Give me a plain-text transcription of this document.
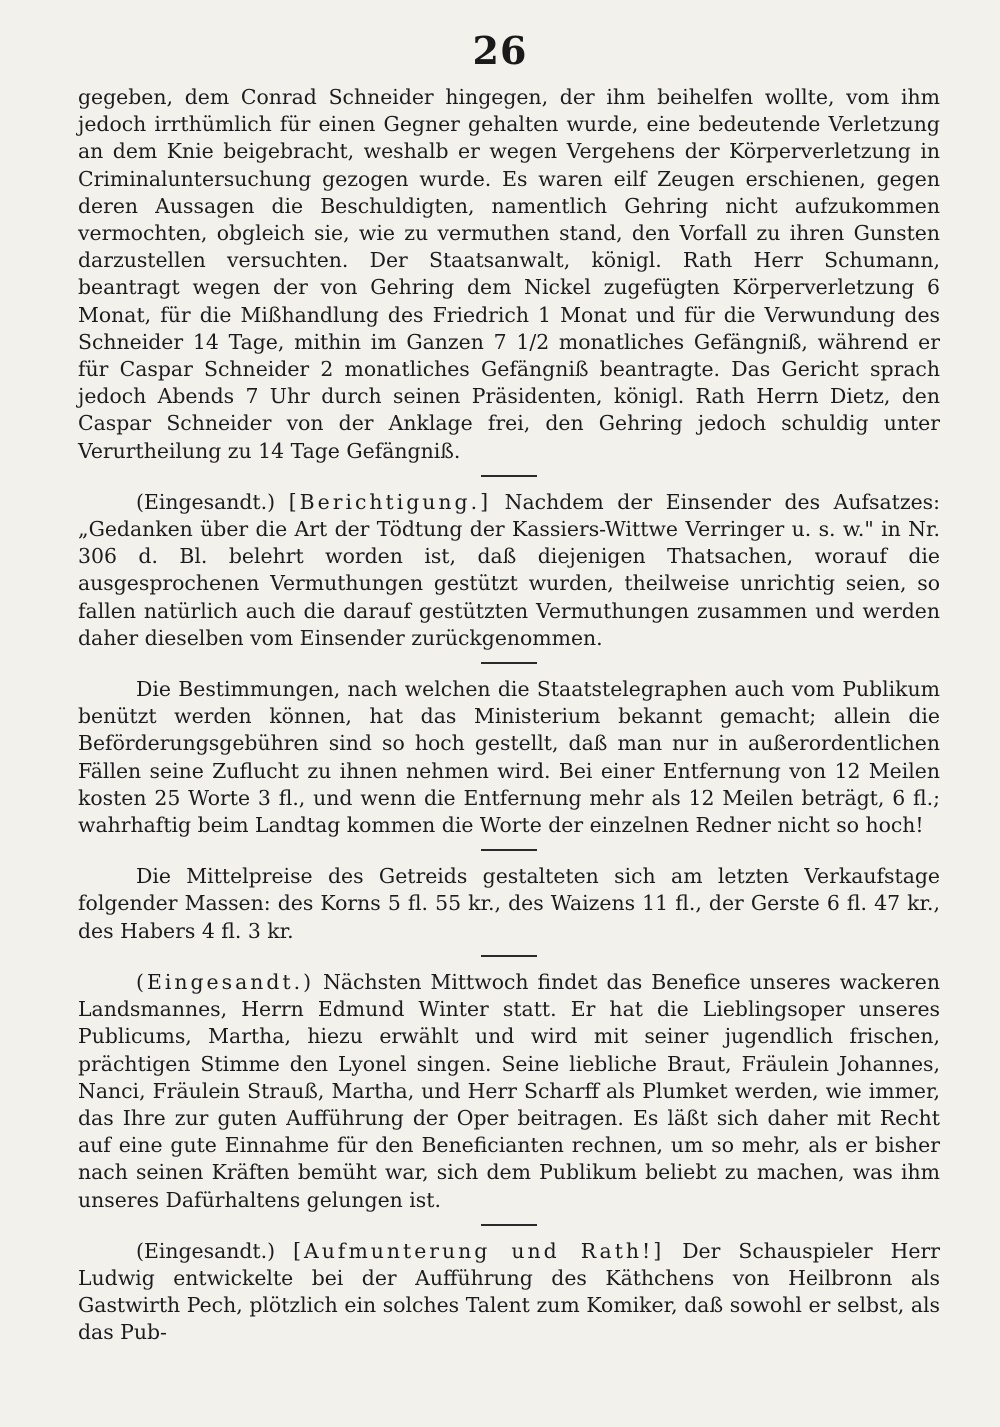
26

gegeben, dem Conrad Schneider hingegen, der ihm beihelfen wollte, vom ihm jedoch irrthümlich für einen Gegner gehalten wurde, eine bedeutende Verletzung an dem Knie beigebracht, weshalb er wegen Vergehens der Körperverletzung in Criminaluntersuchung gezogen wurde. Es waren eilf Zeugen erschienen, gegen deren Aussagen die Beschuldigten, namentlich Gehring nicht aufzukommen vermochten, obgleich sie, wie zu vermuthen stand, den Vorfall zu ihren Gunsten darzustellen versuchten. Der Staatsanwalt, königl. Rath Herr Schumann, beantragt wegen der von Gehring dem Nickel zugefügten Körperverletzung 6 Monat, für die Mißhandlung des Friedrich 1 Monat und für die Verwundung des Schneider 14 Tage, mithin im Ganzen 7 1/2 monatliches Gefängniß, während er für Caspar Schneider 2 monatliches Gefängniß beantragte. Das Gericht sprach jedoch Abends 7 Uhr durch seinen Präsidenten, königl. Rath Herrn Dietz, den Caspar Schneider von der Anklage frei, den Gehring jedoch schuldig unter Verurtheilung zu 14 Tage Gefängniß.

(Eingesandt.) [Berichtigung.] Nachdem der Einsender des Aufsatzes: „Gedanken über die Art der Tödtung der Kassiers-Wittwe Verringer u. s. w." in Nr. 306 d. Bl. belehrt worden ist, daß diejenigen Thatsachen, worauf die ausgesprochenen Vermuthungen gestützt wurden, theilweise unrichtig seien, so fallen natürlich auch die darauf gestützten Vermuthungen zusammen und werden daher dieselben vom Einsender zurückgenommen.

Die Bestimmungen, nach welchen die Staatstelegraphen auch vom Publikum benützt werden können, hat das Ministerium bekannt gemacht; allein die Beförderungsgebühren sind so hoch gestellt, daß man nur in außerordentlichen Fällen seine Zuflucht zu ihnen nehmen wird. Bei einer Entfernung von 12 Meilen kosten 25 Worte 3 fl., und wenn die Entfernung mehr als 12 Meilen beträgt, 6 fl.; wahrhaftig beim Landtag kommen die Worte der einzelnen Redner nicht so hoch!

Die Mittelpreise des Getreids gestalteten sich am letzten Verkaufstage folgender Massen: des Korns 5 fl. 55 kr., des Waizens 11 fl., der Gerste 6 fl. 47 kr., des Habers 4 fl. 3 kr.

(Eingesandt.) Nächsten Mittwoch findet das Benefice unseres wackeren Landsmannes, Herrn Edmund Winter statt. Er hat die Lieblingsoper unseres Publicums, Martha, hiezu erwählt und wird mit seiner jugendlich frischen, prächtigen Stimme den Lyonel singen. Seine liebliche Braut, Fräulein Johannes, Nanci, Fräulein Strauß, Martha, und Herr Scharff als Plumket werden, wie immer, das Ihre zur guten Aufführung der Oper beitragen. Es läßt sich daher mit Recht auf eine gute Einnahme für den Beneficianten rechnen, um so mehr, als er bisher nach seinen Kräften bemüht war, sich dem Publikum beliebt zu machen, was ihm unseres Dafürhaltens gelungen ist.

(Eingesandt.) [Aufmunterung und Rath!] Der Schauspieler Herr Ludwig entwickelte bei der Aufführung des Käthchens von Heilbronn als Gastwirth Pech, plötzlich ein solches Talent zum Komiker, daß sowohl er selbst, als das Pub-
